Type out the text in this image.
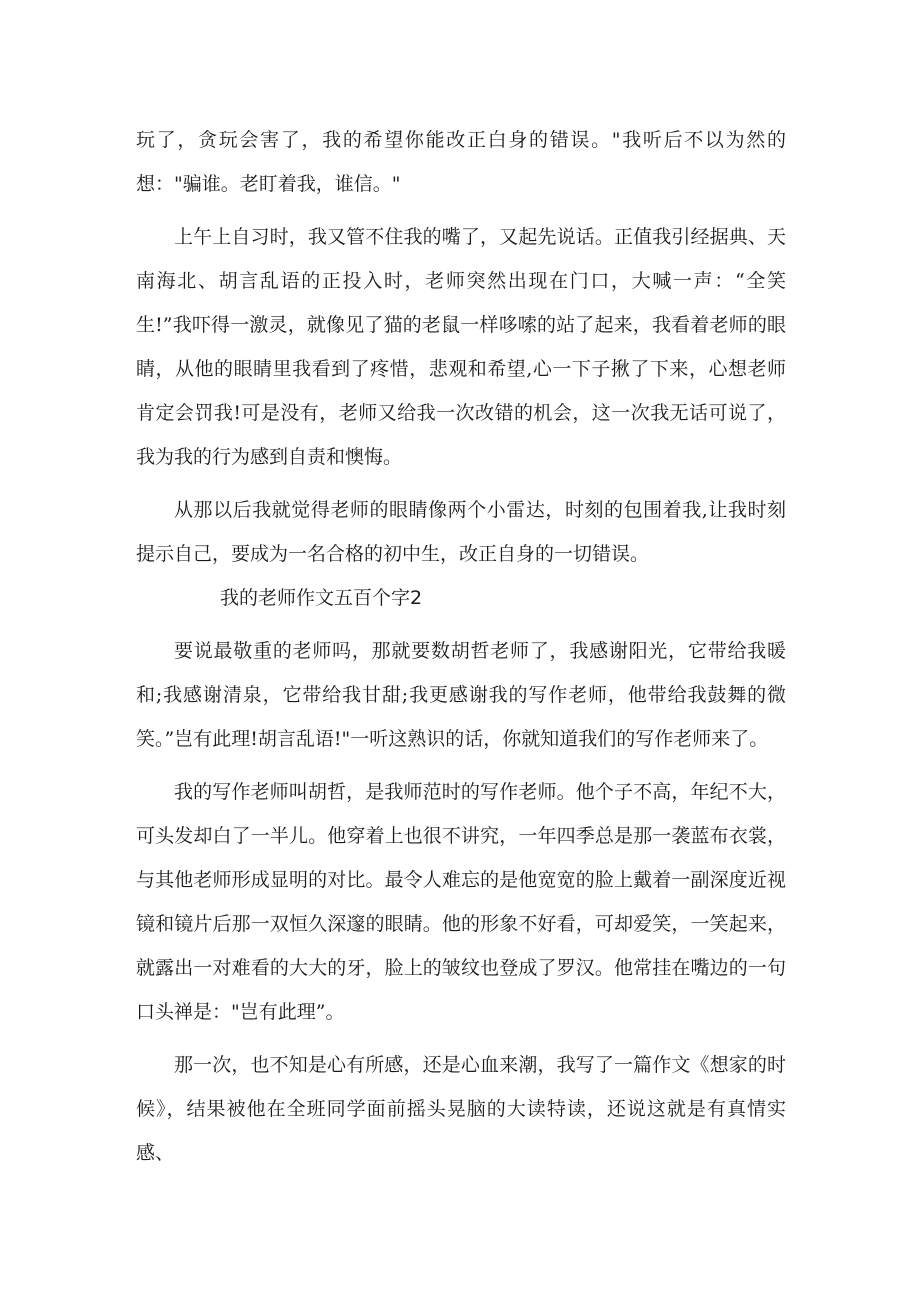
玩了，贪玩会害了，我的希望你能改正白身的错误。"我听后不以为然的想："骗谁。老盯着我，谁信。"

上午上自习时，我又管不住我的嘴了，又起先说话。正值我引经据典、天南海北、胡言乱语的正投入时，老师突然出现在门口，大喊一声：“全笑生!”我吓得一激灵，就像见了猫的老鼠一样哆嗦的站了起来，我看着老师的眼睛，从他的眼睛里我看到了疼惜，悲观和希望,心一下子揪了下来，心想老师肯定会罚我!可是没有，老师又给我一次改错的机会，这一次我无话可说了，我为我的行为感到自责和懊悔。

从那以后我就觉得老师的眼睛像两个小雷达，时刻的包围着我,让我时刻提示自己，要成为一名合格的初中生，改正自身的一切错误。

我的老师作文五百个字2

要说最敬重的老师吗，那就要数胡哲老师了，我感谢阳光，它带给我暖和;我感谢清泉，它带给我甘甜;我更感谢我的写作老师，他带给我鼓舞的微笑。”岂有此理!胡言乱语!"一听这熟识的话，你就知道我们的写作老师来了。

我的写作老师叫胡哲，是我师范时的写作老师。他个子不高，年纪不大，可头发却白了一半儿。他穿着上也很不讲究，一年四季总是那一袭蓝布衣裳，与其他老师形成显明的对比。最令人难忘的是他宽宽的脸上戴着一副深度近视镜和镜片后那一双恒久深邃的眼睛。他的形象不好看，可却爱笑，一笑起来，就露出一对难看的大大的牙，脸上的皱纹也登成了罗汉。他常挂在嘴边的一句口头禅是："岂有此理”。

那一次，也不知是心有所感，还是心血来潮，我写了一篇作文《想家的时候》，结果被他在全班同学面前摇头晃脑的大读特读，还说这就是有真情实感、
